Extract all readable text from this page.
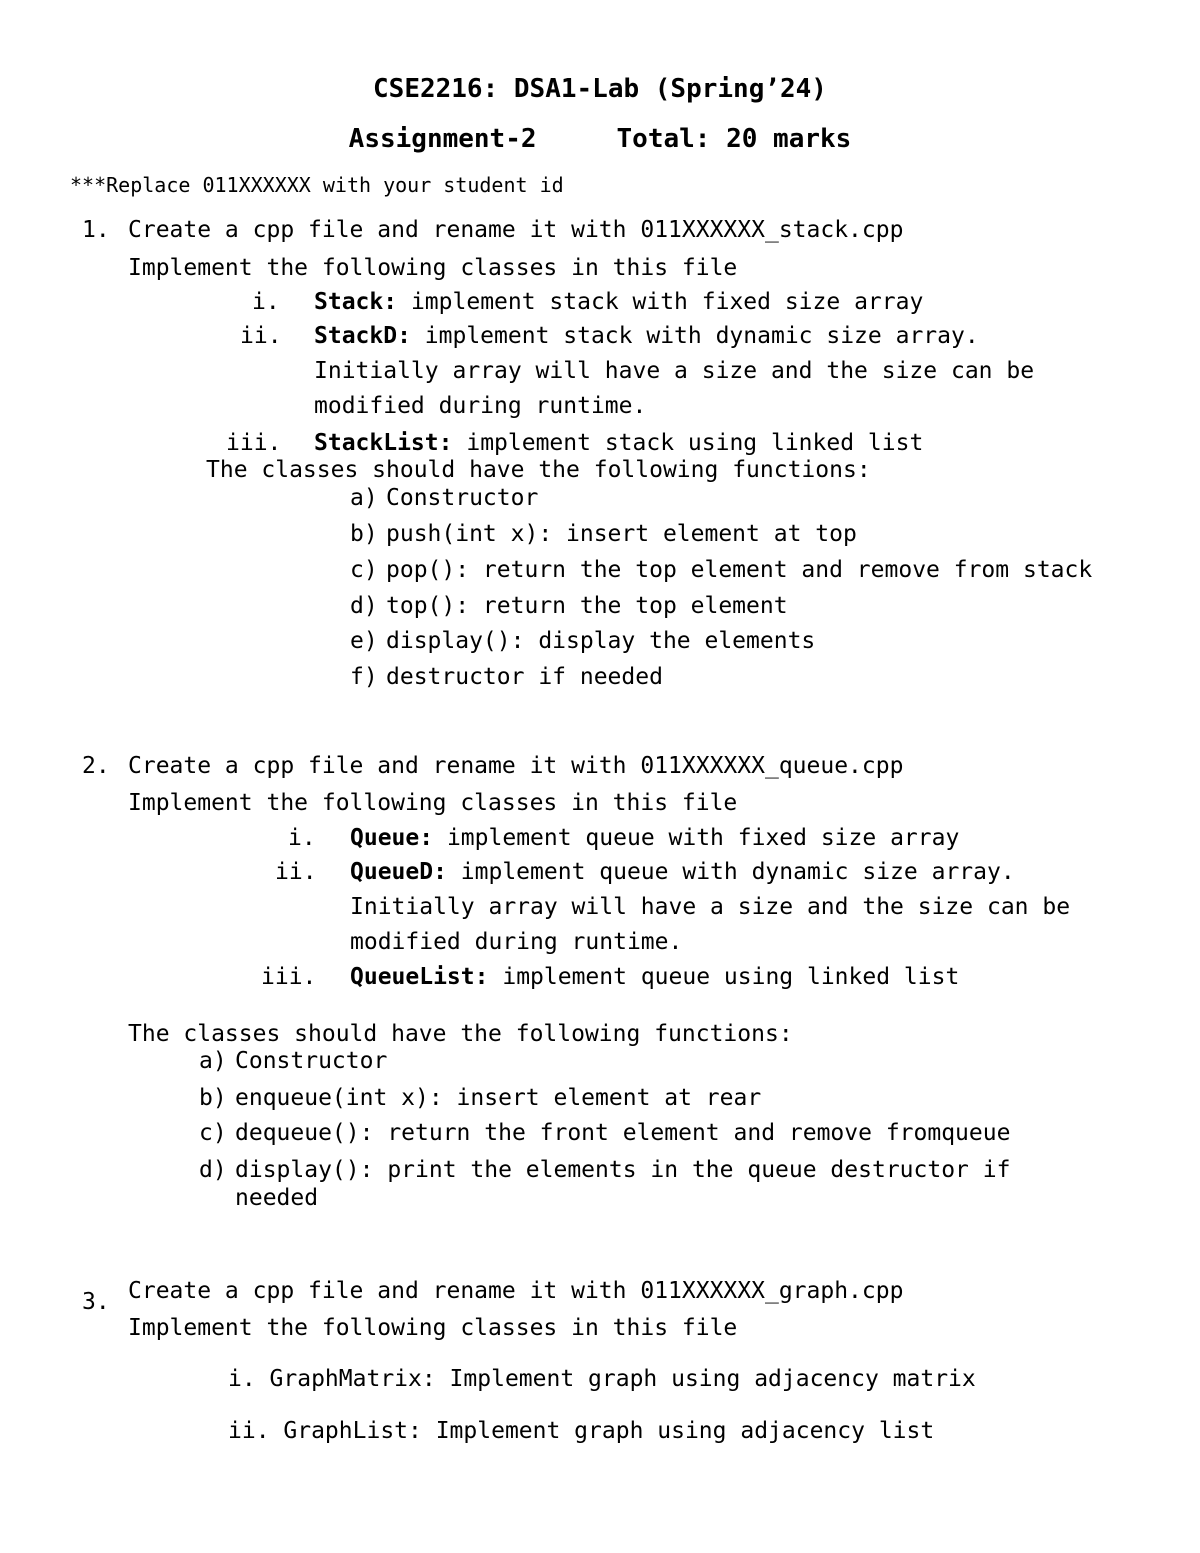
CSE2216: DSA1-Lab (Spring’24)
Assignment-2	Total: 20 marks
***Replace 011XXXXXX with your student id
1. Create a cpp file and rename it with 011XXXXXX_stack.cpp
Implement the following classes in this file
i. Stack: implement stack with fixed size array
ii. StackD: implement stack with dynamic size array.
Initially array will have a size and the size can be
modified during runtime.
iii. StackList: implement stack using linked list
The classes should have the following functions:
a) Constructor
b) push(int x): insert element at top
c) pop(): return the top element and remove from stack
d) top(): return the top element
e) display(): display the elements
f) destructor if needed
2. Create a cpp file and rename it with 011XXXXXX_queue.cpp
Implement the following classes in this file
i. Queue: implement queue with fixed size array
ii. QueueD: implement queue with dynamic size array.
Initially array will have a size and the size can be
modified during runtime.
iii. QueueList: implement queue using linked list
The classes should have the following functions:
a) Constructor
b) enqueue(int x): insert element at rear
c) dequeue(): return the front element and remove fromqueue
d) display(): print the elements in the queue destructor if
needed
3. Create a cpp file and rename it with 011XXXXXX_graph.cpp
Implement the following classes in this file
i. GraphMatrix: Implement graph using adjacency matrix
ii. GraphList: Implement graph using adjacency list
